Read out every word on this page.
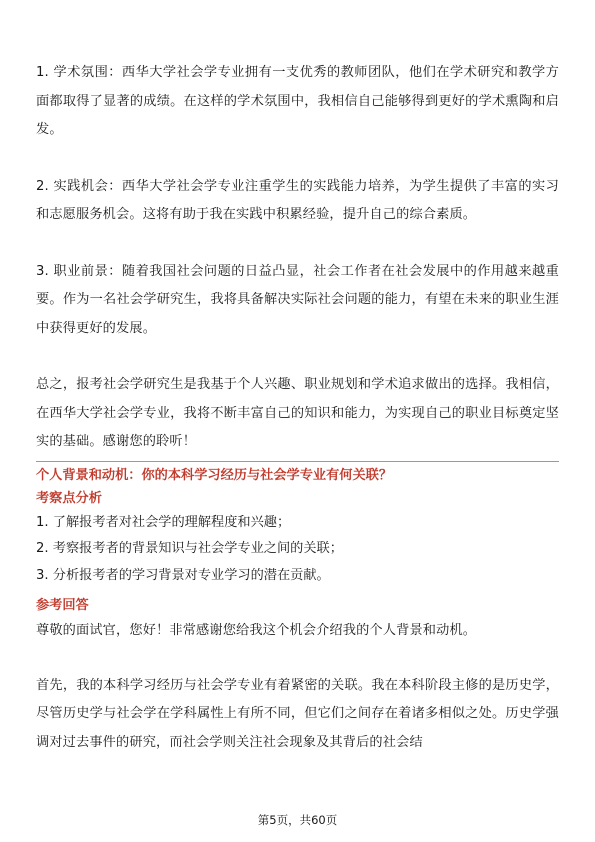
1. 学术氛围：西华大学社会学专业拥有一支优秀的教师团队，他们在学术研究和教学方面都取得了显著的成绩。在这样的学术氛围中，我相信自己能够得到更好的学术熏陶和启发。

2. 实践机会：西华大学社会学专业注重学生的实践能力培养，为学生提供了丰富的实习和志愿服务机会。这将有助于我在实践中积累经验，提升自己的综合素质。

3. 职业前景：随着我国社会问题的日益凸显，社会工作者在社会发展中的作用越来越重要。作为一名社会学研究生，我将具备解决实际社会问题的能力，有望在未来的职业生涯中获得更好的发展。

总之，报考社会学研究生是我基于个人兴趣、职业规划和学术追求做出的选择。我相信，在西华大学社会学专业，我将不断丰富自己的知识和能力，为实现自己的职业目标奠定坚实的基础。感谢您的聆听！

个人背景和动机：你的本科学习经历与社会学专业有何关联？

考察点分析

1. 了解报考者对社会学的理解程度和兴趣；

2. 考察报考者的背景知识与社会学专业之间的关联；

3. 分析报考者的学习背景对专业学习的潜在贡献。

参考回答

尊敬的面试官，您好！非常感谢您给我这个机会介绍我的个人背景和动机。

首先，我的本科学习经历与社会学专业有着紧密的关联。我在本科阶段主修的是历史学，尽管历史学与社会学在学科属性上有所不同，但它们之间存在着诸多相似之处。历史学强调对过去事件的研究，而社会学则关注社会现象及其背后的社会结

第5页，共60页
